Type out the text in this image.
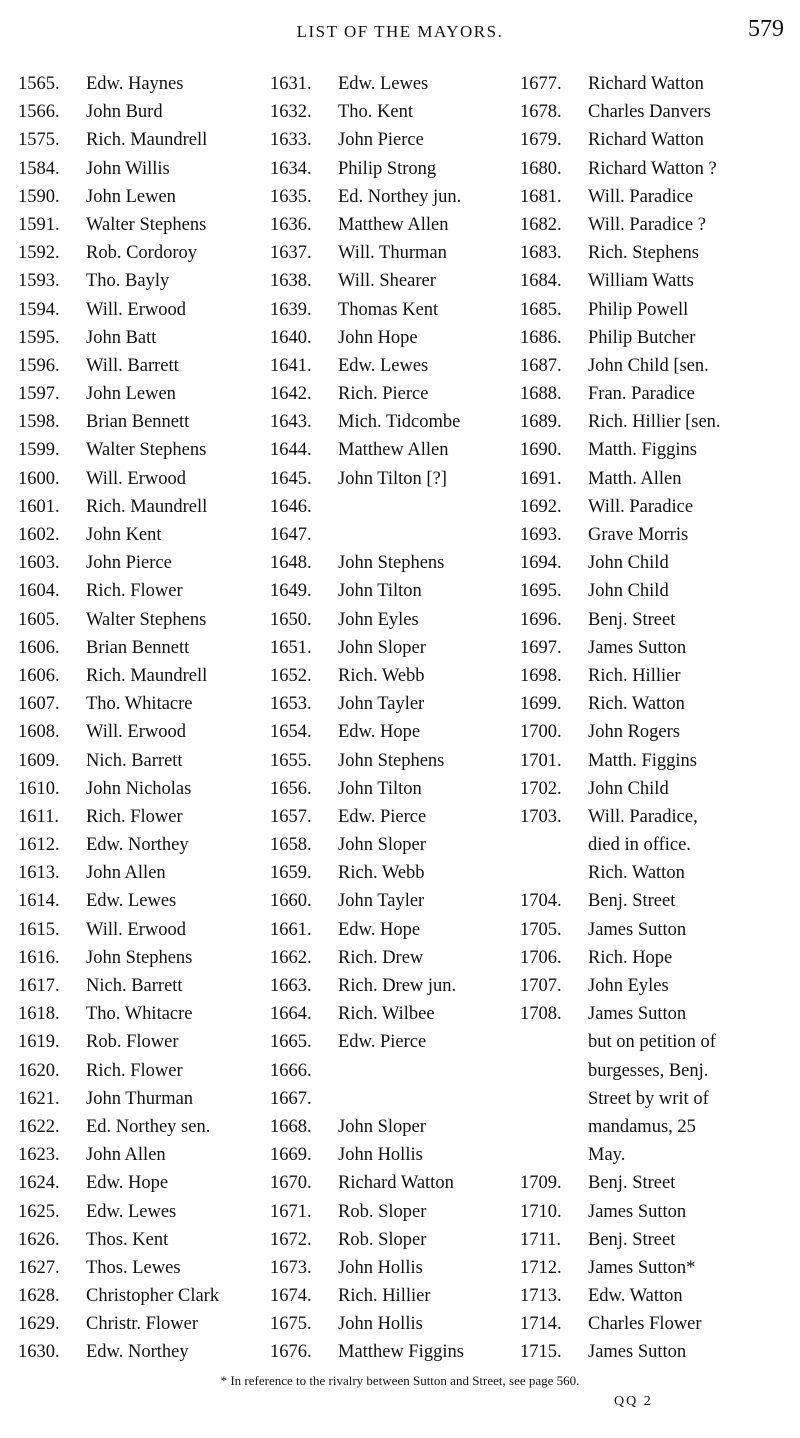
LIST OF THE MAYORS.	579
1565. Edw. Haynes
1566. John Burd
1575. Rich. Maundrell
1584. John Willis
1590. John Lewen
1591. Walter Stephens
1592. Rob. Cordoroy
1593. Tho. Bayly
1594. Will. Erwood
1595. John Batt
1596. Will. Barrett
1597. John Lewen
1598. Brian Bennett
1599. Walter Stephens
1600. Will. Erwood
1601. Rich. Maundrell
1602. John Kent
1603. John Pierce
1604. Rich. Flower
1605. Walter Stephens
1606. Brian Bennett
1606. Rich. Maundrell
1607. Tho. Whitacre
1608. Will. Erwood
1609. Nich. Barrett
1610. John Nicholas
1611. Rich. Flower
1612. Edw. Northey
1613. John Allen
1614. Edw. Lewes
1615. Will. Erwood
1616. John Stephens
1617. Nich. Barrett
1618. Tho. Whitacre
1619. Rob. Flower
1620. Rich. Flower
1621. John Thurman
1622. Ed. Northey sen.
1623. John Allen
1624. Edw. Hope
1625. Edw. Lewes
1626. Thos. Kent
1627. Thos. Lewes
1628. Christopher Clark
1629. Christr. Flower
1630. Edw. Northey
1631. Edw. Lewes
1632. Tho. Kent
1633. John Pierce
1634. Philip Strong
1635. Ed. Northey jun.
1636. Matthew Allen
1637. Will. Thurman
1638. Will. Shearer
1639. Thomas Kent
1640. John Hope
1641. Edw. Lewes
1642. Rich. Pierce
1643. Mich. Tidcombe
1644. Matthew Allen
1645. John Tilton [?]
1646.
1647.
1648. John Stephens
1649. John Tilton
1650. John Eyles
1651. John Sloper
1652. Rich. Webb
1653. John Tayler
1654. Edw. Hope
1655. John Stephens
1656. John Tilton
1657. Edw. Pierce
1658. John Sloper
1659. Rich. Webb
1660. John Tayler
1661. Edw. Hope
1662. Rich. Drew
1663. Rich. Drew jun.
1664. Rich. Wilbee
1665. Edw. Pierce
1666.
1667.
1668. John Sloper
1669. John Hollis
1670. Richard Watton
1671. Rob. Sloper
1672. Rob. Sloper
1673. John Hollis
1674. Rich. Hillier
1675. John Hollis
1676. Matthew Figgins
1677. Richard Watton
1678. Charles Danvers
1679. Richard Watton
1680. Richard Watton ?
1681. Will. Paradice
1682. Will. Paradice ?
1683. Rich. Stephens
1684. William Watts
1685. Philip Powell
1686. Philip Butcher
1687. John Child [sen.
1688. Fran. Paradice
1689. Rich. Hillier [sen.
1690. Matth. Figgins
1691. Matth. Allen
1692. Will. Paradice
1693. Grave Morris
1694. John Child
1695. John Child
1696. Benj. Street
1697. James Sutton
1698. Rich. Hillier
1699. Rich. Watton
1700. John Rogers
1701. Matth. Figgins
1702. John Child
1703. Will. Paradice,
died in office.
Rich. Watton
1704. Benj. Street
1705. James Sutton
1706. Rich. Hope
1707. John Eyles
1708. James Sutton
but on petition of
burgesses, Benj.
Street by writ of
mandamus, 25
May.
1709. Benj. Street
1710. James Sutton
1711. Benj. Street
1712. James Sutton*
1713. Edw. Watton
1714. Charles Flower
1715. James Sutton
* In reference to the rivalry between Sutton and Street, see page 560.
QQ 2
